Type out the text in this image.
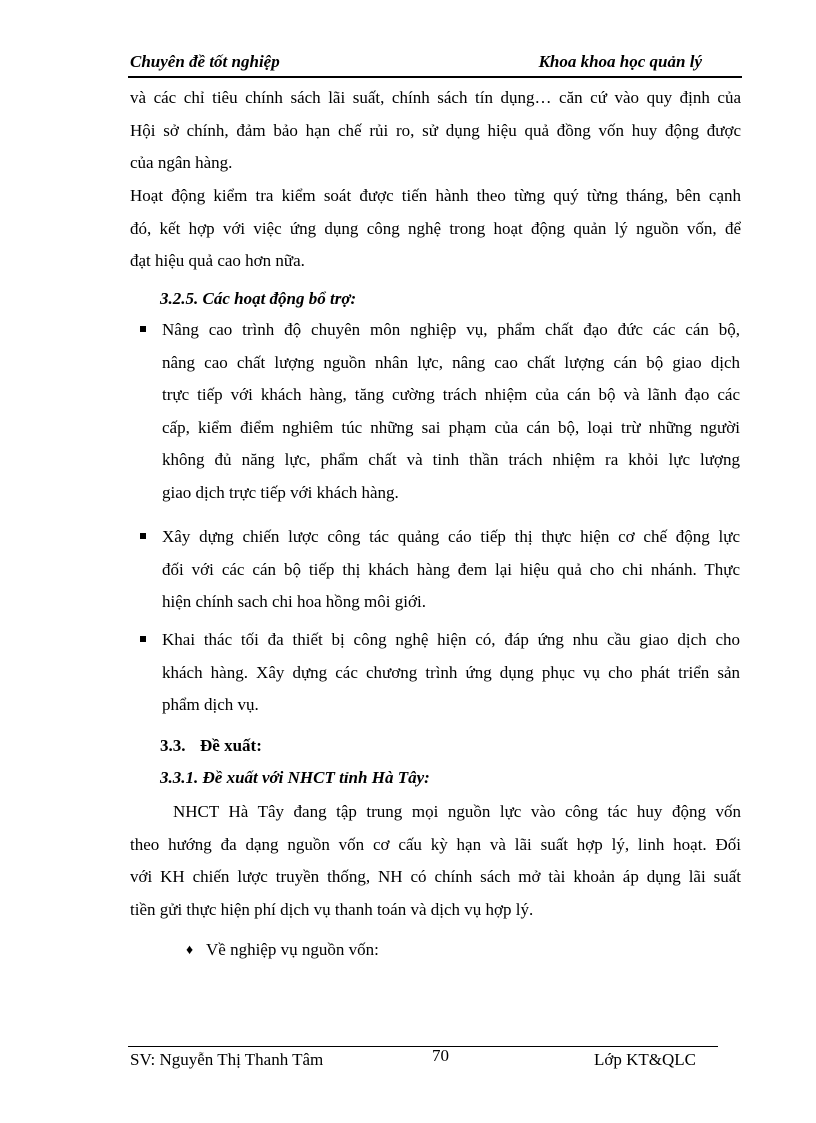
Chuyên đề tốt nghiệp	Khoa khoa học quản lý
và các chỉ tiêu chính sách lãi suất, chính sách tín dụng… căn cứ vào quy định của
Hội sở chính, đảm bảo hạn chế rủi ro, sử dụng hiệu quả đồng vốn huy động được
của ngân hàng.
Hoạt động kiểm tra kiểm soát được tiến hành theo từng quý từng tháng, bên cạnh
đó, kết hợp với việc ứng dụng công nghệ trong hoạt động quản lý nguồn vốn, để
đạt hiệu quả cao hơn nữa.
3.2.5. Các hoạt động bổ trợ:
Nâng cao trình độ chuyên môn nghiệp vụ, phẩm chất đạo đức các cán bộ,
nâng cao chất lượng nguồn nhân lực, nâng cao chất lượng cán bộ giao dịch
trực tiếp với khách hàng, tăng cường trách nhiệm của cán bộ và lãnh đạo các
cấp, kiểm điểm nghiêm túc những sai phạm của cán bộ, loại trừ những người
không đủ năng lực, phẩm chất và tinh thần trách nhiệm ra khỏi lực lượng
giao dịch trực tiếp với khách hàng.
Xây dựng chiến lược công tác quảng cáo tiếp thị thực hiện cơ chế động lực
đối với các cán bộ tiếp thị khách hàng đem lại hiệu quả cho chi nhánh. Thực
hiện chính sach chi hoa hồng môi giới.
Khai thác tối đa thiết bị công nghệ hiện có, đáp ứng nhu cầu giao dịch cho
khách hàng. Xây dựng các chương trình ứng dụng phục vụ cho phát triển sản
phẩm dịch vụ.
3.3. Đề xuất:
3.3.1. Đề xuất với NHCT tỉnh Hà Tây:
NHCT Hà Tây đang tập trung mọi nguồn lực vào công tác huy động vốn
theo hướng đa dạng nguồn vốn cơ cấu kỳ hạn và lãi suất hợp lý, linh hoạt. Đối
với KH chiến lược truyền thống, NH có chính sách mở tài khoản áp dụng lãi suất
tiền gửi thực hiện phí dịch vụ thanh toán và dịch vụ hợp lý.
♦ Về nghiệp vụ nguồn vốn:
SV: Nguyễn Thị Thanh Tâm	70	Lớp KT&QLC
